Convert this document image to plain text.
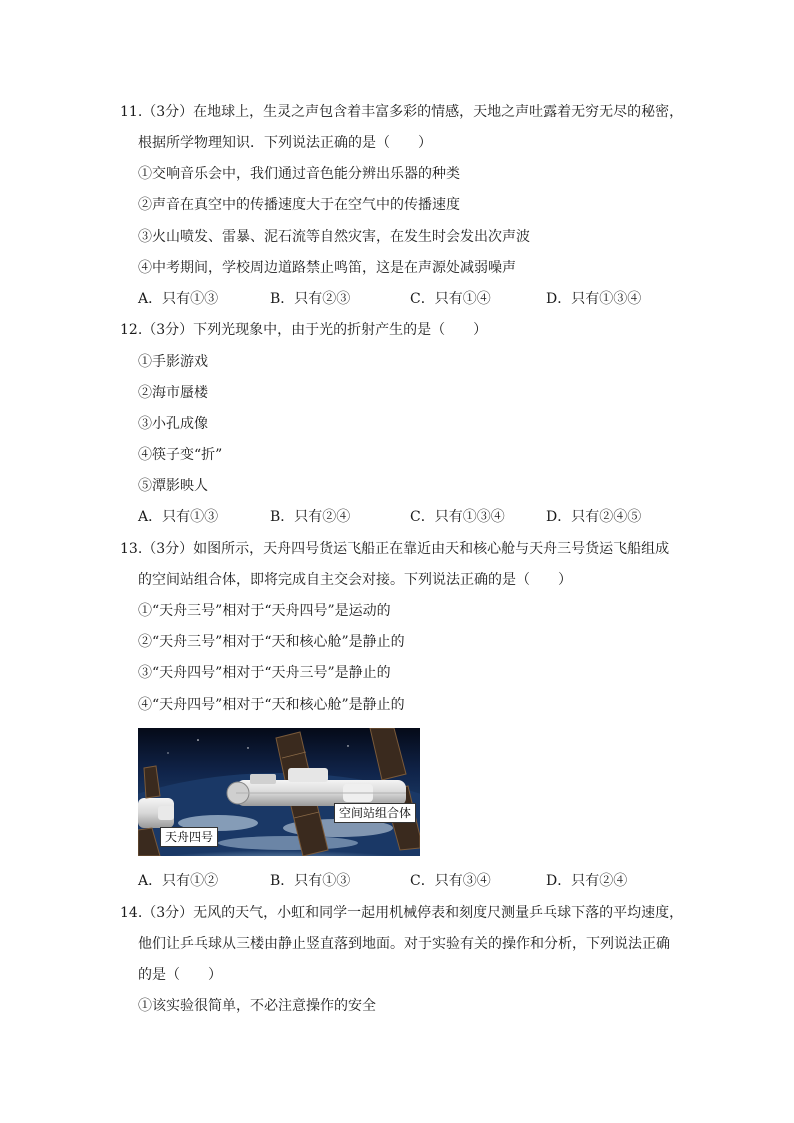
11.（3分）在地球上，生灵之声包含着丰富多彩的情感，天地之声吐露着无穷无尽的秘密，
根据所学物理知识．下列说法正确的是（　　）
①交响音乐会中，我们通过音色能分辨出乐器的种类
②声音在真空中的传播速度大于在空气中的传播速度
③火山喷发、雷暴、泥石流等自然灾害，在发生时会发出次声波
④中考期间，学校周边道路禁止鸣笛，这是在声源处减弱噪声
A．只有①③	B．只有②③	C．只有①④	D．只有①③④
12.（3分）下列光现象中，由于光的折射产生的是（　　）
①手影游戏
②海市蜃楼
③小孔成像
④筷子变“折”
⑤潭影映人
A．只有①③	B．只有②④	C．只有①③④	D．只有②④⑤
13.（3分）如图所示，天舟四号货运飞船正在靠近由天和核心舱与天舟三号货运飞船组成
的空间站组合体，即将完成自主交会对接。下列说法正确的是（　　）
①“天舟三号”相对于“天舟四号”是运动的
②“天舟三号”相对于“天和核心舱”是静止的
③“天舟四号”相对于“天舟三号”是静止的
④“天舟四号”相对于“天和核心舱”是静止的
空间站组合体
天舟四号
A．只有①②	B．只有①③	C．只有③④	D．只有②④
14.（3分）无风的天气，小虹和同学一起用机械停表和刻度尺测量乒乓球下落的平均速度，
他们让乒乓球从三楼由静止竖直落到地面。对于实验有关的操作和分析，下列说法正确
的是（　　）
①该实验很简单，不必注意操作的安全
